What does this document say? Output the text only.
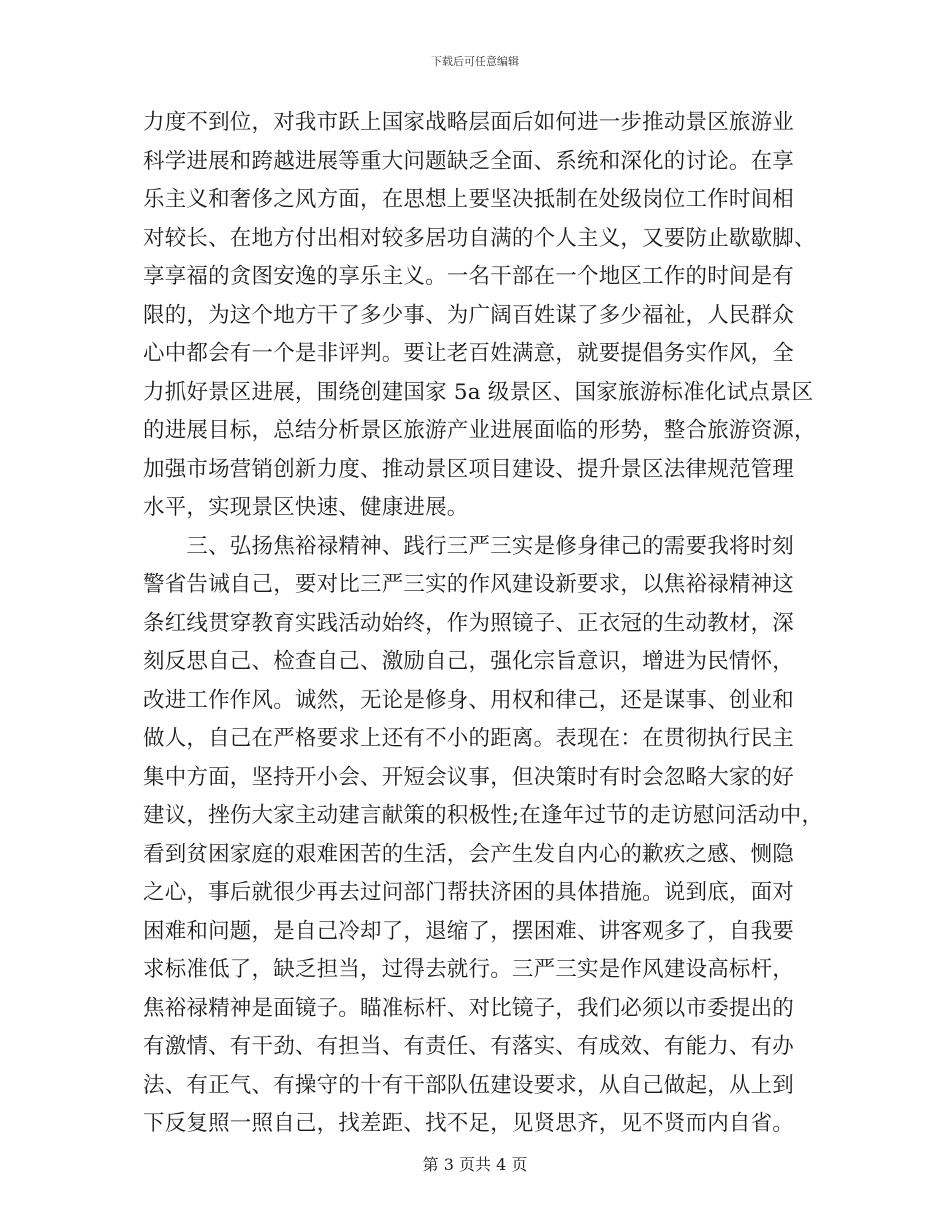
下载后可任意编辑
力度不到位，对我市跃上国家战略层面后如何进一步推动景区旅游业
科学进展和跨越进展等重大问题缺乏全面、系统和深化的讨论。在享
乐主义和奢侈之风方面，在思想上要坚决抵制在处级岗位工作时间相
对较长、在地方付出相对较多居功自满的个人主义，又要防止歇歇脚、
享享福的贪图安逸的享乐主义。一名干部在一个地区工作的时间是有
限的，为这个地方干了多少事、为广阔百姓谋了多少福祉，人民群众
心中都会有一个是非评判。要让老百姓满意，就要提倡务实作风，全
力抓好景区进展，围绕创建国家 5a 级景区、国家旅游标准化试点景区
的进展目标，总结分析景区旅游产业进展面临的形势，整合旅游资源，
加强市场营销创新力度、推动景区项目建设、提升景区法律规范管理
水平，实现景区快速、健康进展。
　　三、弘扬焦裕禄精神、践行三严三实是修身律己的需要我将时刻
警省告诫自己，要对比三严三实的作风建设新要求，以焦裕禄精神这
条红线贯穿教育实践活动始终，作为照镜子、正衣冠的生动教材，深
刻反思自己、检查自己、激励自己，强化宗旨意识，增进为民情怀，
改进工作作风。诚然，无论是修身、用权和律己，还是谋事、创业和
做人，自己在严格要求上还有不小的距离。表现在：在贯彻执行民主
集中方面，坚持开小会、开短会议事，但决策时有时会忽略大家的好
建议，挫伤大家主动建言献策的积极性;在逢年过节的走访慰问活动中，
看到贫困家庭的艰难困苦的生活，会产生发自内心的歉疚之感、恻隐
之心，事后就很少再去过问部门帮扶济困的具体措施。说到底，面对
困难和问题，是自己冷却了，退缩了，摆困难、讲客观多了，自我要
求标准低了，缺乏担当，过得去就行。三严三实是作风建设高标杆，
焦裕禄精神是面镜子。瞄准标杆、对比镜子，我们必须以市委提出的
有激情、有干劲、有担当、有责任、有落实、有成效、有能力、有办
法、有正气、有操守的十有干部队伍建设要求，从自己做起，从上到
下反复照一照自己，找差距、找不足，见贤思齐，见不贤而内自省。
第 3 页共 4 页
